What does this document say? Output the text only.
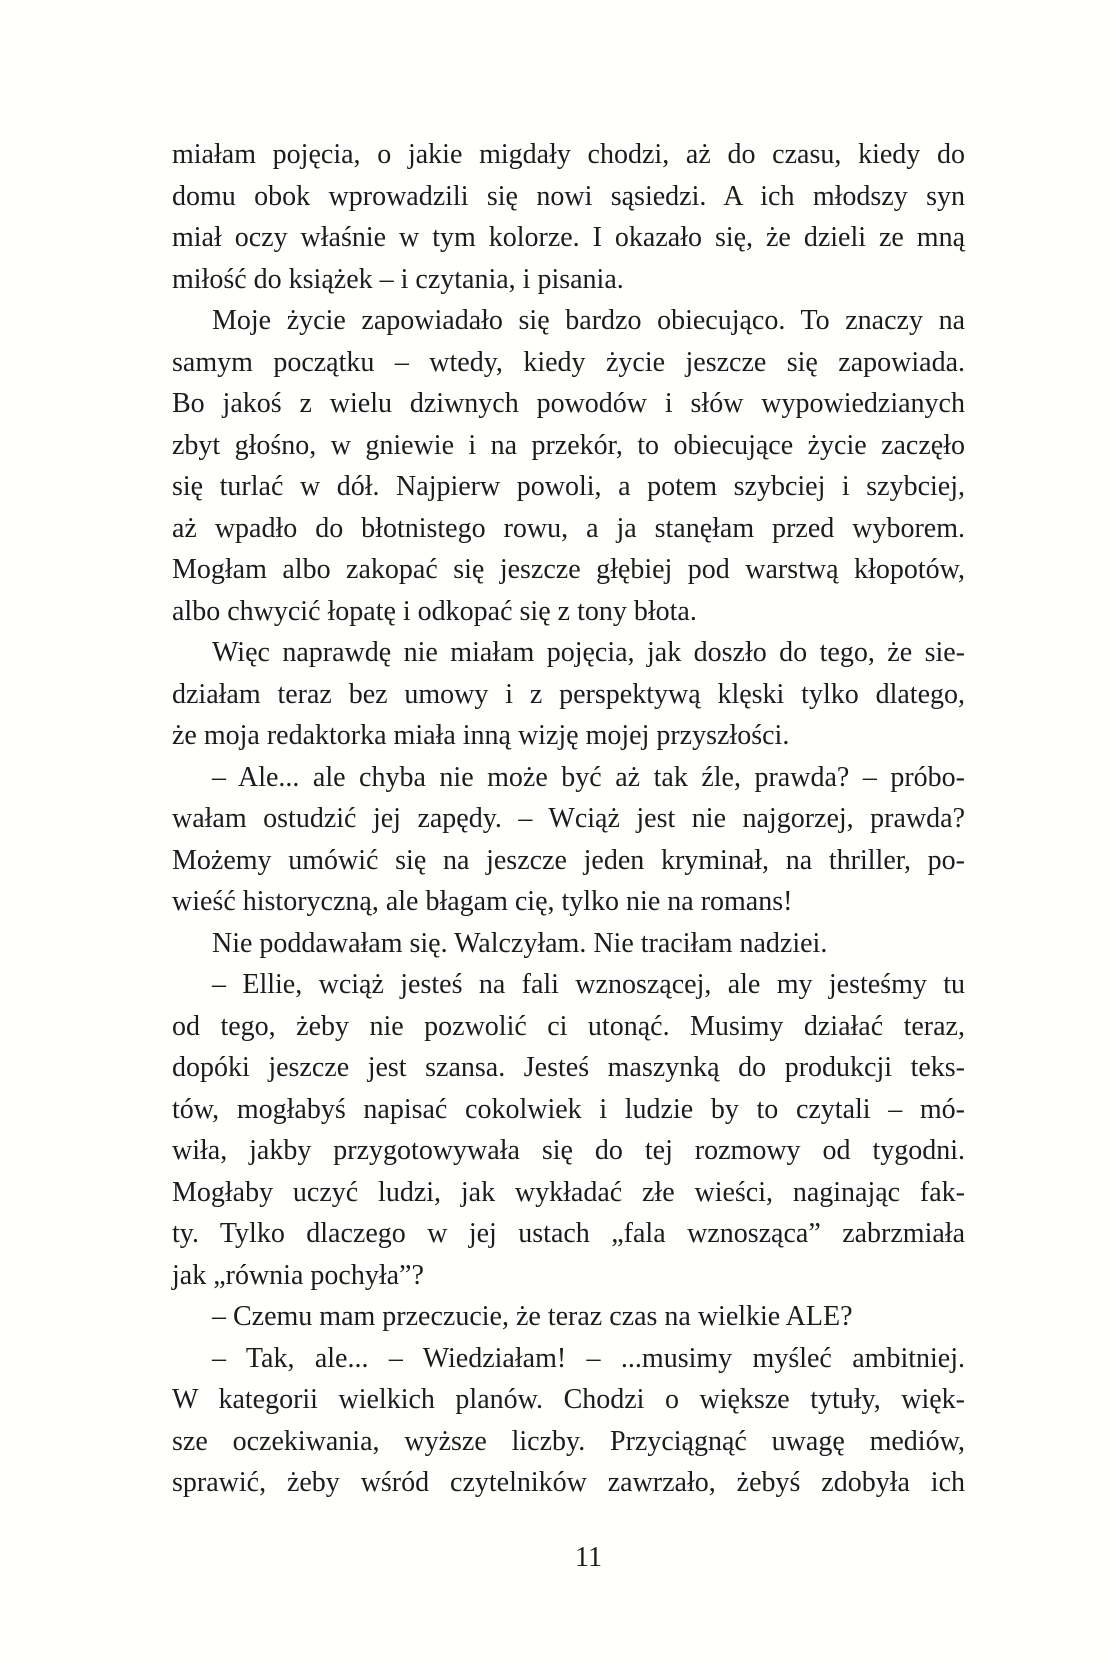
miałam pojęcia, o jakie migdały chodzi, aż do czasu, kiedy do
domu obok wprowadzili się nowi sąsiedzi. A ich młodszy syn
miał oczy właśnie w tym kolorze. I okazało się, że dzieli ze mną
miłość do książek – i czytania, i pisania.
Moje życie zapowiadało się bardzo obiecująco. To znaczy na
samym początku – wtedy, kiedy życie jeszcze się zapowiada.
Bo jakoś z wielu dziwnych powodów i słów wypowiedzianych
zbyt głośno, w gniewie i na przekór, to obiecujące życie zaczęło
się turlać w dół. Najpierw powoli, a potem szybciej i szybciej,
aż wpadło do błotnistego rowu, a ja stanęłam przed wyborem.
Mogłam albo zakopać się jeszcze głębiej pod warstwą kłopotów,
albo chwycić łopatę i odkopać się z tony błota.
Więc naprawdę nie miałam pojęcia, jak doszło do tego, że sie-
działam teraz bez umowy i z perspektywą klęski tylko dlatego,
że moja redaktorka miała inną wizję mojej przyszłości.
– Ale... ale chyba nie może być aż tak źle, prawda? – próbo-
wałam ostudzić jej zapędy. – Wciąż jest nie najgorzej, prawda?
Możemy umówić się na jeszcze jeden kryminał, na thriller, po-
wieść historyczną, ale błagam cię, tylko nie na romans!
Nie poddawałam się. Walczyłam. Nie traciłam nadziei.
– Ellie, wciąż jesteś na fali wznoszącej, ale my jesteśmy tu
od tego, żeby nie pozwolić ci utonąć. Musimy działać teraz,
dopóki jeszcze jest szansa. Jesteś maszynką do produkcji teks-
tów, mogłabyś napisać cokolwiek i ludzie by to czytali – mó-
wiła, jakby przygotowywała się do tej rozmowy od tygodni.
Mogłaby uczyć ludzi, jak wykładać złe wieści, naginając fak-
ty. Tylko dlaczego w jej ustach „fala wznosząca” zabrzmiała
jak „równia pochyła”?
– Czemu mam przeczucie, że teraz czas na wielkie ALE?
– Tak, ale... – Wiedziałam! – ...musimy myśleć ambitniej.
W kategorii wielkich planów. Chodzi o większe tytuły, więk-
sze oczekiwania, wyższe liczby. Przyciągnąć uwagę mediów,
sprawić, żeby wśród czytelników zawrzało, żebyś zdobyła ich
11
